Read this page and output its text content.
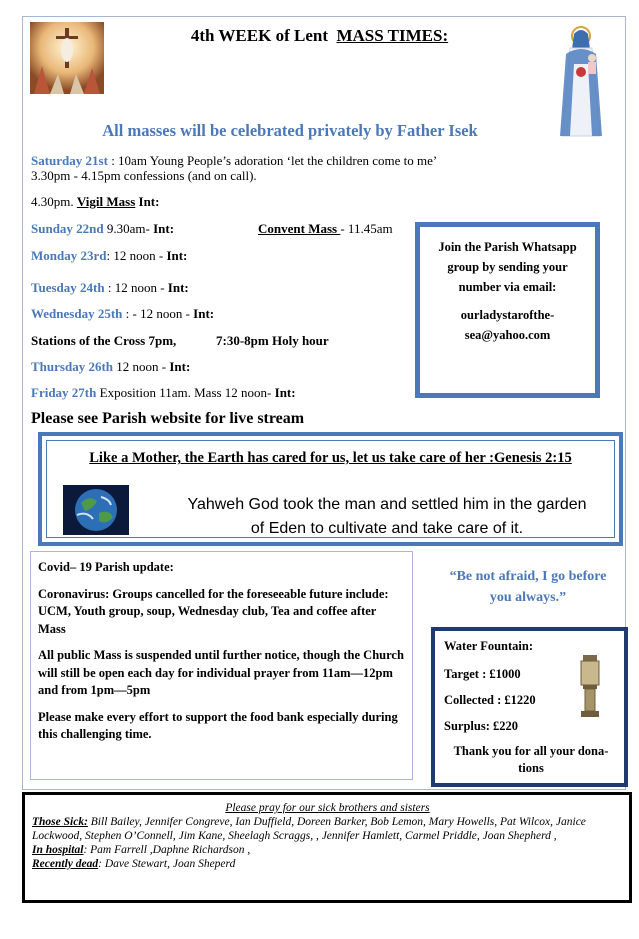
4th WEEK of Lent MASS TIMES:
All masses will be celebrated privately by Father Isek
Saturday 21st : 10am Young People’s adoration ‘let the children come to me’
3.30pm - 4.15pm confessions (and on call).
4.30pm. Vigil Mass Int:
Sunday 22nd 9.30am- Int:	Convent Mass - 11.45am
Monday 23rd: 12 noon - Int:
Tuesday 24th : 12 noon - Int:
Wednesday 25th : - 12 noon - Int:
Stations of the Cross 7pm,	7:30-8pm Holy hour
Thursday 26th 12 noon - Int:
Friday 27th Exposition 11am. Mass 12 noon- Int:
Join the Parish Whatsapp
group by sending your
number via email:
ourladystarofthe-
sea@yahoo.com
Please see Parish website for live stream
Like a Mother, the Earth has cared for us, let us take care of her :Genesis 2:15
Yahweh God took the man and settled him in the garden
of Eden to cultivate and take care of it.

Covid– 19 Parish update:

Coronavirus: Groups cancelled for the foreseeable future include: UCM, Youth group, soup, Wednesday club, Tea and coffee after Mass

All public Mass is suspended until further notice, though the Church will still be open each day for individual prayer from 11am—12pm and from 1pm—5pm

Please make every effort to support the food bank especially during this challenging time.

“Be not afraid, I go before
you always.”
Water Fountain:
Target : £1000
Collected : £1220
Surplus: £220
Thank you for all your dona-
tions
Please pray for our sick brothers and sisters
Those Sick: Bill Bailey, Jennifer Congreve, Ian Duffield, Doreen Barker, Bob Lemon, Mary Howells, Pat Wilcox, Janice Lockwood, Stephen O’Connell, Jim Kane, Sheelagh Scraggs, , Jennifer Hamlett, Carmel Priddle, Joan Shepherd ,
In hospital: Pam Farrell ,Daphne Richardson ,
Recently dead: Dave Stewart, Joan Sheperd
